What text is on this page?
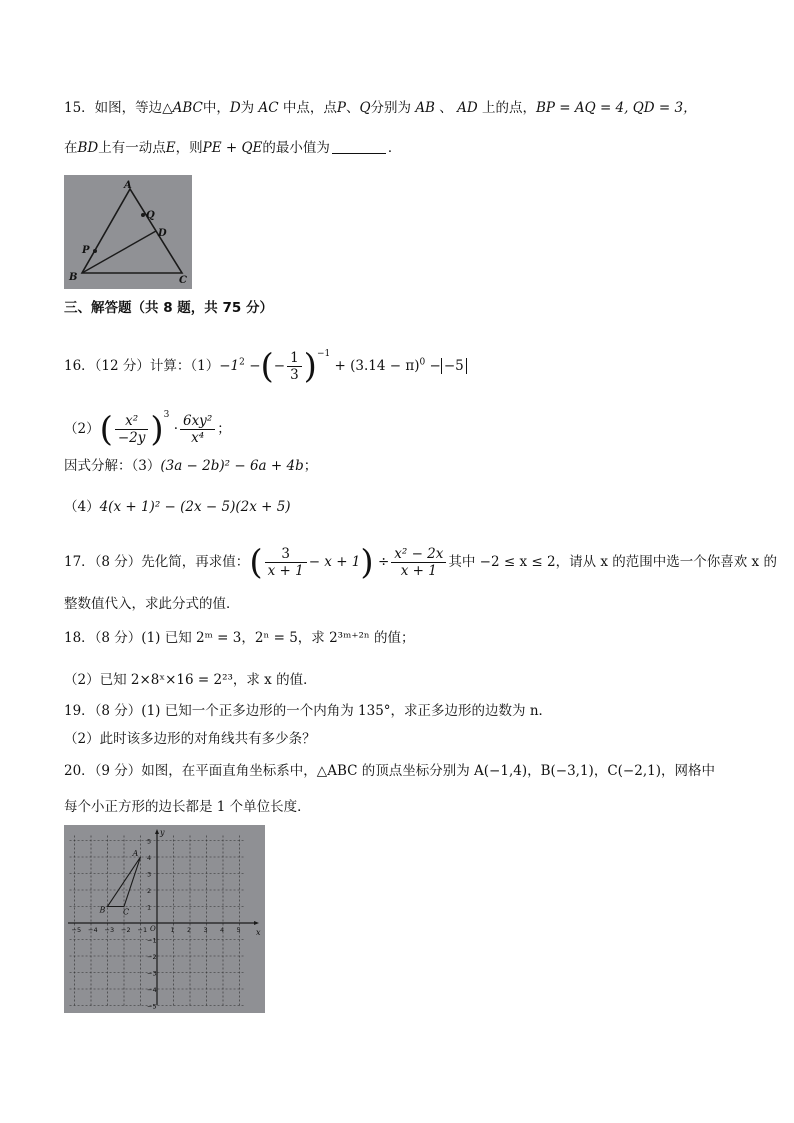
15．如图，等边△ABC中，D为 AC 中点，点P、Q分别为 AB 、 AD 上的点，BP = AQ = 4, QD = 3，
在BD上有一动点E，则PE + QE的最小值为	．
A
Q
D
P
B	C
三、解答题（共 8 题，共 75 分）
16．（12 分）计算：$(1)-1^2$ −(− $\frac{1}{3} )^{-1} + (3.14 - \pi)^0 - -5$
$(2)( \frac{\text{x²}}{-2y} )^3 \cdot \frac{\text{6xy²}}{\text{x⁴}}$ ；
因式分解：（3）(3a − 2b)² − 6a + 4b；
（4）4(x + 1)² − (2x − 5)(2x + 5)
17．（8 分）先化简，再求值：( $\frac{3}{x + 1} - x + 1) \div \frac{\text{x² − 2x}}{x + 1}$ 其中 −2 ≤ x ≤ 2，请从 x 的范围中选一个你喜欢 x 的
整数值代入，求此分式的值．
18．（8 分）(1) 已知 2ᵐ = 3，2ⁿ = 5，求 2³ᵐ⁺²ⁿ 的值；
（2）已知 2×8ˣ×16 = 2²³，求 x 的值．
19．（8 分）(1) 已知一个正多边形的一个内角为 135°，求正多边形的边数为 n．
（2）此时该多边形的对角线共有多少条？
20．（9 分）如图，在平面直角坐标系中，△ABC 的顶点坐标分别为 A(−1,4)，B(−3,1)，C(−2,1)，网格中
每个小正方形的边长都是 1 个单位长度．
x
y
O
−5 −4 −3 −2 −1	1 2 3 4 5
5
4
3
2
1
−1
−2
−3
−4
−5
A
B C
